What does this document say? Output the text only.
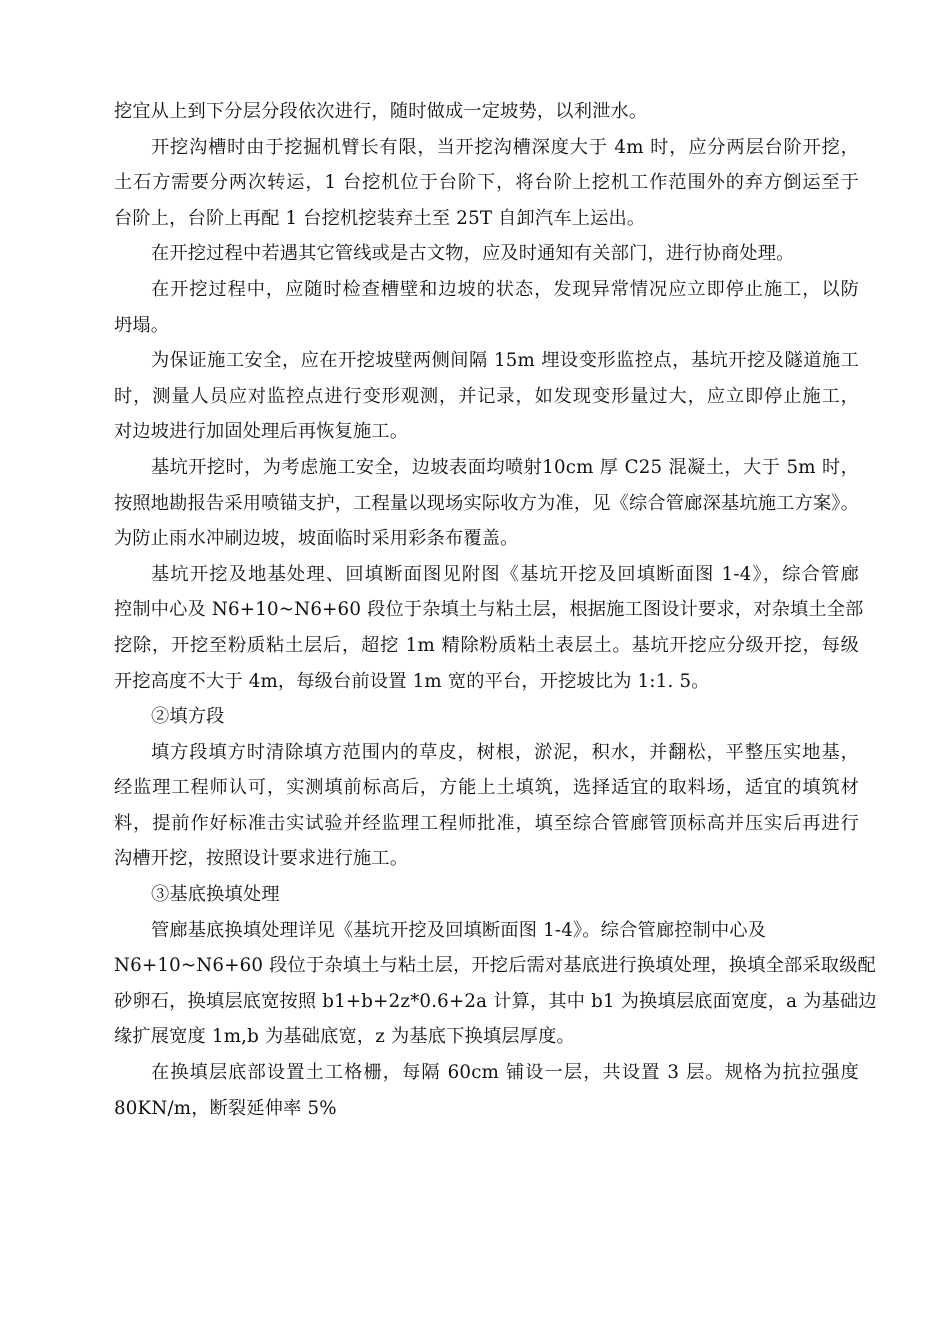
挖宜从上到下分层分段依次进行，随时做成一定坡势，以利泄水。
开挖沟槽时由于挖掘机臂长有限，当开挖沟槽深度大于 4m 时，应分两层台阶开挖，
土石方需要分两次转运，1 台挖机位于台阶下，将台阶上挖机工作范围外的弃方倒运至于
台阶上，台阶上再配 1 台挖机挖装弃土至 25T 自卸汽车上运出。
在开挖过程中若遇其它管线或是古文物，应及时通知有关部门，进行协商处理。
在开挖过程中，应随时检查槽壁和边坡的状态，发现异常情况应立即停止施工，以防
坍塌。
为保证施工安全，应在开挖坡壁两侧间隔 15m 埋设变形监控点，基坑开挖及隧道施工
时，测量人员应对监控点进行变形观测，并记录，如发现变形量过大，应立即停止施工，
对边坡进行加固处理后再恢复施工。
基坑开挖时，为考虑施工安全，边坡表面均喷射10cm 厚 C25 混凝土，大于 5m 时，
按照地勘报告采用喷锚支护，工程量以现场实际收方为准，见《综合管廊深基坑施工方案》。
为防止雨水冲刷边坡，坡面临时采用彩条布覆盖。
基坑开挖及地基处理、回填断面图见附图《基坑开挖及回填断面图 1-4》，综合管廊
控制中心及 N6+10~N6+60 段位于杂填土与粘土层，根据施工图设计要求，对杂填土全部
挖除，开挖至粉质粘土层后，超挖 1m 精除粉质粘土表层土。基坑开挖应分级开挖，每级
开挖高度不大于 4m，每级台前设置 1m 宽的平台，开挖坡比为 1:1. 5。
②填方段
填方段填方时清除填方范围内的草皮，树根，淤泥，积水，并翻松，平整压实地基，
经监理工程师认可，实测填前标高后，方能上土填筑，选择适宜的取料场，适宜的填筑材
料，提前作好标准击实试验并经监理工程师批准，填至综合管廊管顶标高并压实后再进行
沟槽开挖，按照设计要求进行施工。
③基底换填处理
管廊基底换填处理详见《基坑开挖及回填断面图 1-4》。综合管廊控制中心及
N6+10~N6+60 段位于杂填土与粘土层，开挖后需对基底进行换填处理，换填全部采取级配
砂卵石，换填层底宽按照 b1+b+2z*0.6+2a 计算，其中 b1 为换填层底面宽度，a 为基础边
缘扩展宽度 1m,b 为基础底宽，z 为基底下换填层厚度。
在换填层底部设置土工格栅，每隔 60cm 铺设一层，共设置 3 层。规格为抗拉强度
80KN/m，断裂延伸率 5%
